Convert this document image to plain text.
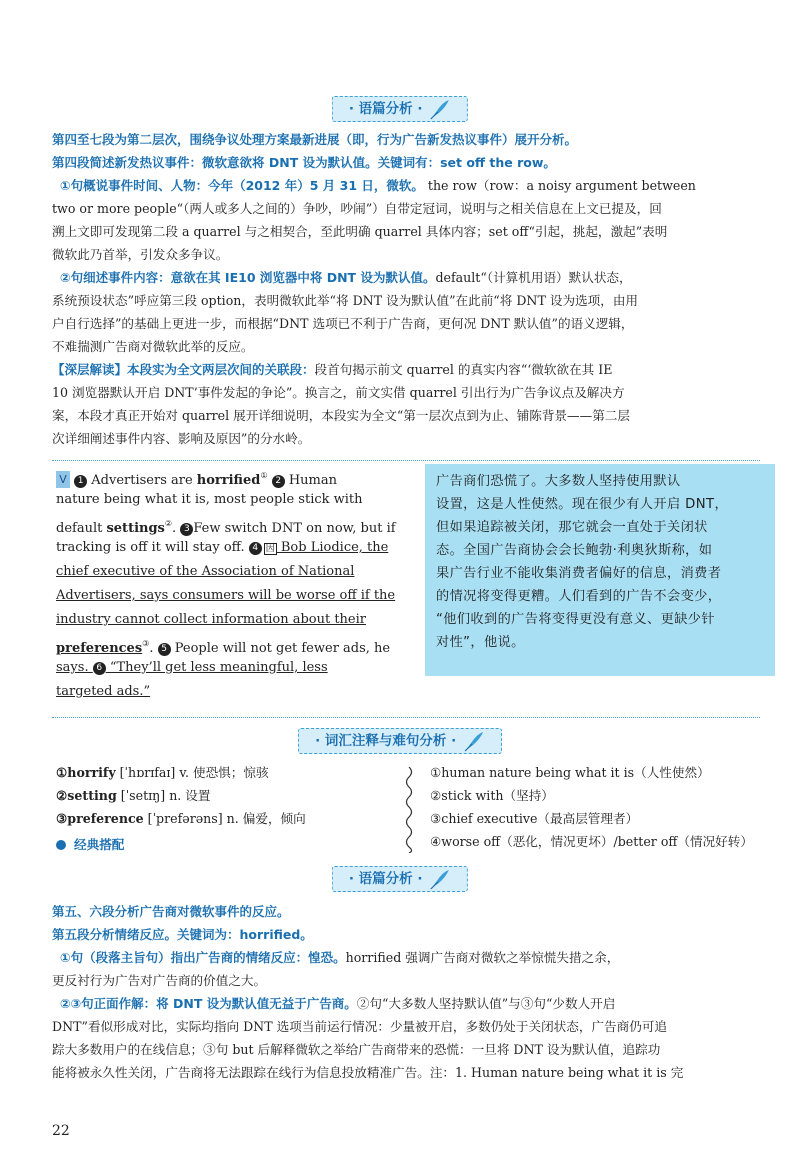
· 语篇分析 ·
第四至七段为第二层次，围绕争议处理方案最新进展（即，行为广告新发热议事件）展开分析。
第四段简述新发热议事件：微软意欲将 DNT 设为默认值。关键词有：set off the row。
①句概说事件时间、人物：今年（2012 年）5 月 31 日，微软。 the row（row：a noisy argument between
two or more people“（两人或多人之间的）争吵，吵闹”）自带定冠词，说明与之相关信息在上文已提及，回
溯上文即可发现第二段 a quarrel 与之相契合，至此明确 quarrel 具体内容；set off“引起，挑起，激起”表明
微软此乃首举，引发众多争议。
②句细述事件内容：意欲在其 IE10 浏览器中将 DNT 设为默认值。default“（计算机用语）默认状态，
系统预设状态”呼应第三段 option，表明微软此举“将 DNT 设为默认值”在此前“将 DNT 设为选项，由用
户自行选择”的基础上更进一步，而根据“DNT 选项已不利于广告商，更何况 DNT 默认值”的语义逻辑，
不难揣测广告商对微软此举的反应。
【深层解读】本段实为全文两层次间的关联段：段首句揭示前文 quarrel 的真实内容“‘微软欲在其 IE
10 浏览器默认开启 DNT’事件发起的争论”。换言之，前文实借 quarrel 引出行为广告争议点及解决方
案，本段才真正开始对 quarrel 展开详细说明，本段实为全文“第一层次点到为止、铺陈背景——第二层
次详细阐述事件内容、影响及原因”的分水岭。
V 1 Advertisers are horrified① 2 Human
nature being what it is, most people stick with
default settings②. 3 Few switch DNT on now, but if
tracking is off it will stay off. 4 因 Bob Liodice, the
chief executive of the Association of National
Advertisers, says consumers will be worse off if the
industry cannot collect information about their
preferences③. 5 People will not get fewer ads, he
says. 6 “They’ll get less meaningful, less
targeted ads.”
广告商们恐慌了。大多数人坚持使用默认
设置，这是人性使然。现在很少有人开启 DNT，
但如果追踪被关闭，那它就会一直处于关闭状
态。全国广告商协会会长鲍勃·利奥狄斯称，如
果广告行业不能收集消费者偏好的信息，消费者
的情况将变得更糟。人们看到的广告不会变少，
“他们收到的广告将变得更没有意义、更缺少针
对性”，他说。
· 词汇注释与难句分析 ·
①horrify [ˈhɒrɪfaɪ] v. 使恐惧；惊骇
②setting [ˈsetɪŋ] n. 设置
③preference [ˈprefərəns] n. 偏爱，倾向
经典搭配
①human nature being what it is（人性使然）
②stick with（坚持）
③chief executive（最高层管理者）
④worse off（恶化，情况更坏）/better off（情况好转）
· 语篇分析 ·
第五、六段分析广告商对微软事件的反应。
第五段分析情绪反应。关键词为：horrified。
①句（段落主旨句）指出广告商的情绪反应：惶恐。horrified 强调广告商对微软之举惊慌失措之余，
更反衬行为广告对广告商的价值之大。
②③句正面作解：将 DNT 设为默认值无益于广告商。②句“大多数人坚持默认值”与③句“少数人开启
DNT”看似形成对比，实际均指向 DNT 选项当前运行情况：少量被开启，多数仍处于关闭状态，广告商仍可追
踪大多数用户的在线信息；③句 but 后解释微软之举给广告商带来的恐慌：一旦将 DNT 设为默认值，追踪功
能将被永久性关闭，广告商将无法跟踪在线行为信息投放精准广告。注：1. Human nature being what it is 完
22
